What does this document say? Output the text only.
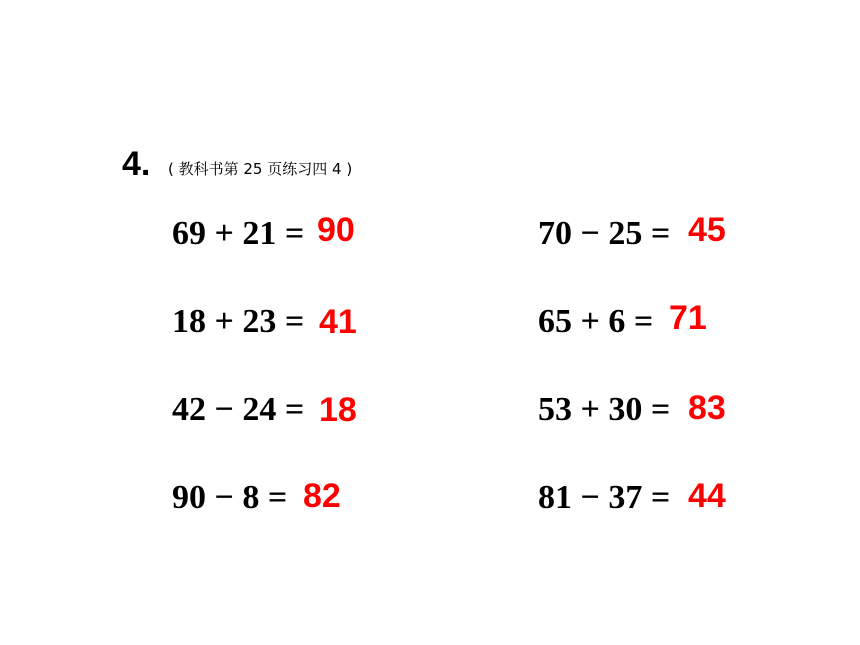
4. ( 教科书第 25 页练习四 4 )
69 + 21 = 90
18 + 23 = 41
42 − 24 = 18
90 − 8 = 82
70 − 25 = 45
65 + 6 = 71
53 + 30 = 83
81 − 37 = 44
